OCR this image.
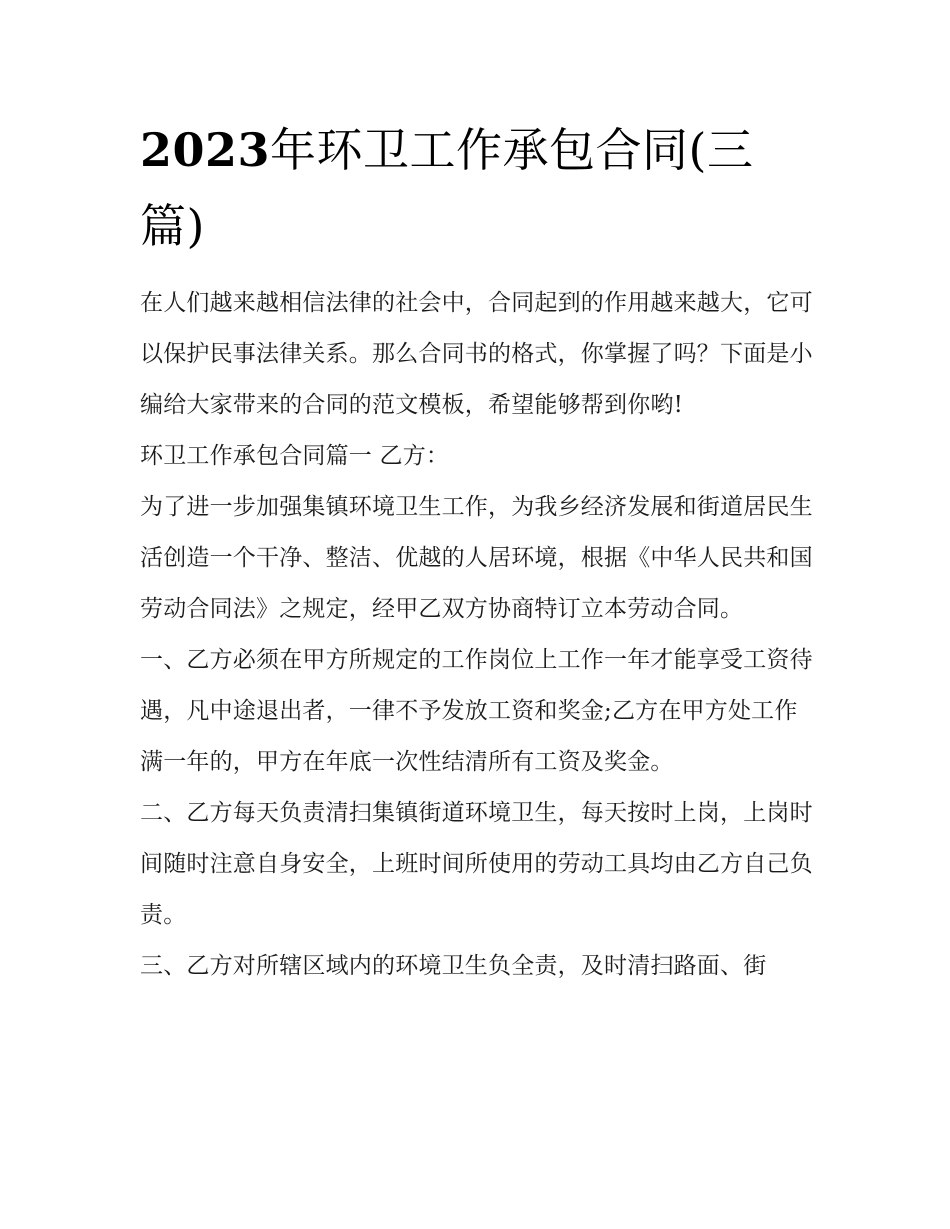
2023年环卫工作承包合同(三篇)

在人们越来越相信法律的社会中，合同起到的作用越来越大，它可以保护民事法律关系。那么合同书的格式，你掌握了吗？下面是小编给大家带来的合同的范文模板，希望能够帮到你哟!

环卫工作承包合同篇一 乙方：

为了进一步加强集镇环境卫生工作，为我乡经济发展和街道居民生活创造一个干净、整洁、优越的人居环境，根据《中华人民共和国劳动合同法》之规定，经甲乙双方协商特订立本劳动合同。

一、乙方必须在甲方所规定的工作岗位上工作一年才能享受工资待遇，凡中途退出者，一律不予发放工资和奖金;乙方在甲方处工作满一年的，甲方在年底一次性结清所有工资及奖金。

二、乙方每天负责清扫集镇街道环境卫生，每天按时上岗，上岗时间随时注意自身安全，上班时间所使用的劳动工具均由乙方自己负责。

三、乙方对所辖区域内的环境卫生负全责，及时清扫路面、街
